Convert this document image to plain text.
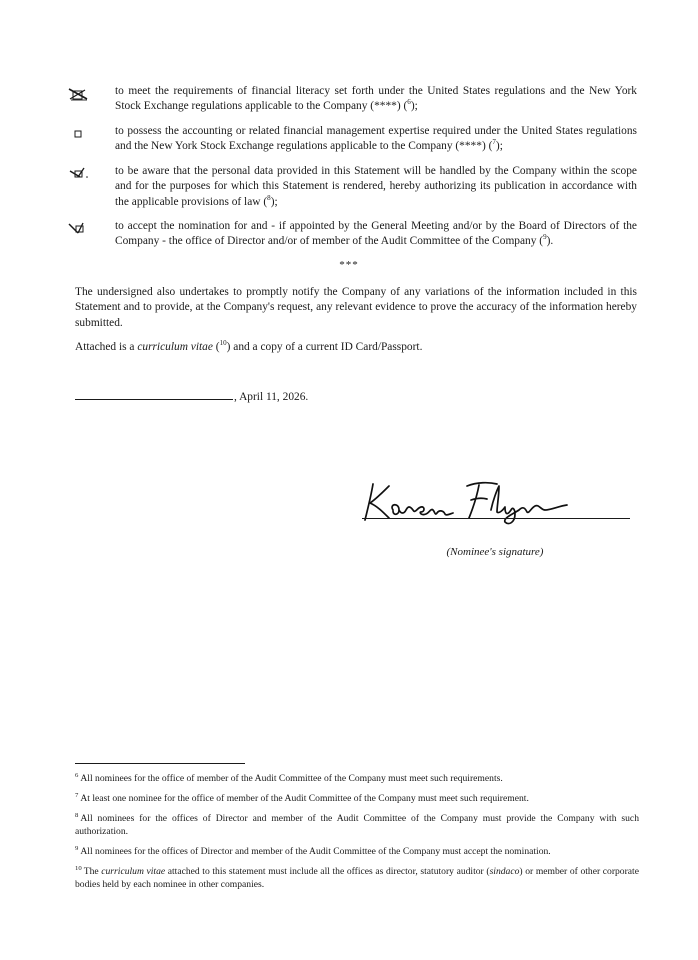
to meet the requirements of financial literacy set forth under the United States regulations and the New York Stock Exchange regulations applicable to the Company (****) ($^6$);
to possess the accounting or related financial management expertise required under the United States regulations and the New York Stock Exchange regulations applicable to the Company (****) ($^7$);
to be aware that the personal data provided in this Statement will be handled by the Company within the scope and for the purposes for which this Statement is rendered, hereby authorizing its publication in accordance with the applicable provisions of law ($^8$);
to accept the nomination for and - if appointed by the General Meeting and/or by the Board of Directors of the Company - the office of Director and/or of member of the Audit Committee of the Company ($^9$).
***
The undersigned also undertakes to promptly notify the Company of any variations of the information included in this Statement and to provide, at the Company's request, any relevant evidence to prove the accuracy of the information hereby submitted.
Attached is a curriculum vitae ($^{10}$) and a copy of a current ID Card/Passport.
, April 11, 2026.
Karen Flynn
(Nominee's signature)
$^6$ All nominees for the office of member of the Audit Committee of the Company must meet such requirements.
$^7$ At least one nominee for the office of member of the Audit Committee of the Company must meet such requirement.
$^8$ All nominees for the offices of Director and member of the Audit Committee of the Company must provide the Company with such authorization.
$^9$ All nominees for the offices of Director and member of the Audit Committee of the Company must accept the nomination.
$^{10}$ The curriculum vitae attached to this statement must include all the offices as director, statutory auditor (sindaco) or member of other corporate bodies held by each nominee in other companies.
